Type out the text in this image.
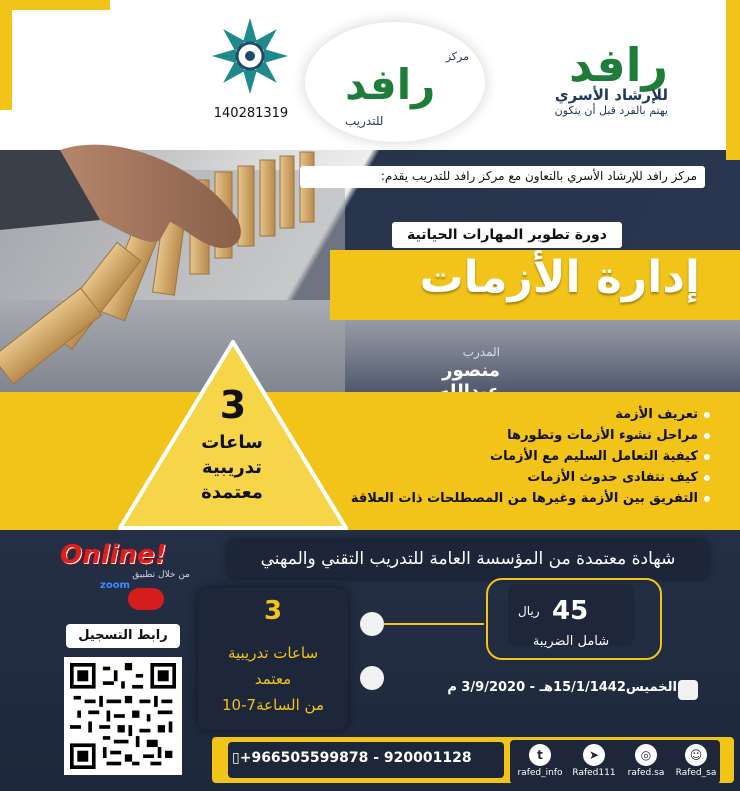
رافد
للإرشاد الأسري
يهتم بالفرد قبل أن يتكون
مركز
رافد
للتدريب
140281319
مركز رافد للإرشاد الأسري بالتعاون مع مركز رافد للتدريب يقدم:
دورة تطوير المهارات الحياتية
إدارة الأزمات
المدرب
منصور
تعريف الأزمة
مراحل نشوء الأزمات وتطورها
كيفية التعامل السليم مع الأزمات
كيف نتفادى حدوث الأزمات
التفريق بين الأزمة وغيرها من المصطلحات ذات العلاقة
3
ساعات
تدريبية
معتمدة
شهادة معتمدة من المؤسسة العامة للتدريب التقني والمهني
Online!
من خلال تطبيق
zoom
رابط التسجيل
3
ساعات تدريبية
معتمد
من الساعة7-10
45
ريال
شامل الضريبة
الخميس15/1/1442هـ - 3/9/2020 م
▯+966505599878 - 920001128	☺
Rafed_sa
◎
rafed.sa
➤
Rafed111
t
rafed_info
